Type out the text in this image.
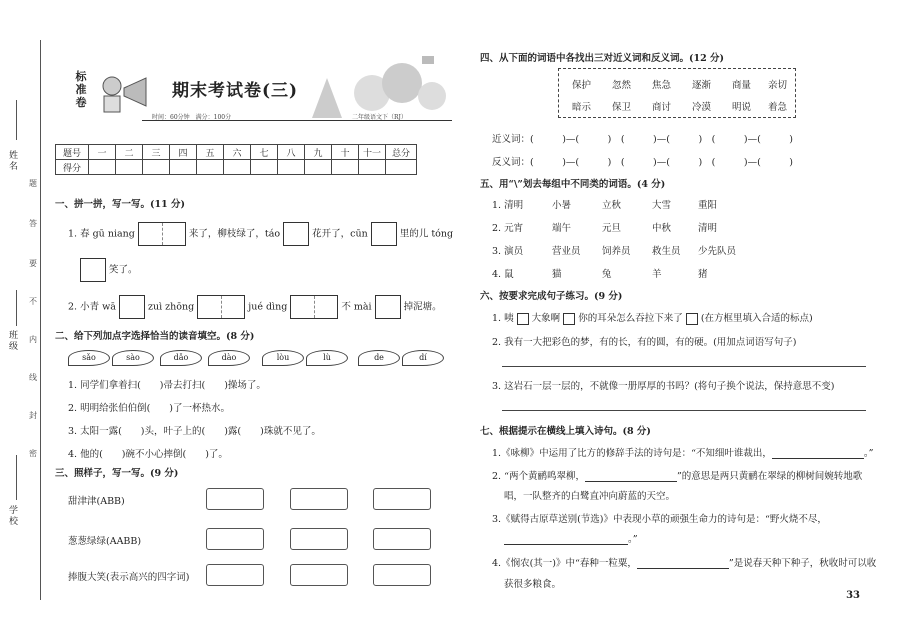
姓名
班级
学校
题
答
要
不
内
线
封
密
标准卷
期末考试卷(三)
时间：60分钟　满分：100分	二年级语文下（RJ）
题号	一	二	三	四	五	六	七	八	九	十	十一	总分
得分												
一、拼一拼，写一写。(11 分)
1. 春 gū niang	来了，柳枝绿了，táo	花开了，cūn	里的儿 tóng
笑了。
2. 小青 wā	zuì zhōng	jué dìng	不 mài	掉泥塘。
二、给下列加点字选择恰当的读音填空。(8 分)
sǎo	sào	dǎo	dào	lòu	lù	de	dí
1. 同学们拿着扫(　　)帚去打扫(　　)操场了。
2. 明明给张伯伯倒(　　)了一杯热水。
3. 太阳一露(　　)头，叶子上的(　　)露(　　)珠就不见了。
4. 他的(　　)碗不小心摔倒(　　)了。
三、照样子，写一写。(9 分)
甜津津(ABB)
葱葱绿绿(AABB)
捧腹大笑(表示高兴的四字词)
四、从下面的词语中各找出三对近义词和反义词。(12 分)
保护 忽然 焦急 逐渐 商量 亲切
暗示 保卫 商讨 冷漠 明说 着急
近义词：(　　　)—(　　　)　(　　　)—(　　　)　(　　　)—(　　　)
反义词：(　　　)—(　　　)　(　　　)—(　　　)　(　　　)—(　　　)
五、用“\”划去每组中不同类的词语。(4 分)
1. 清明	小暑	立秋	大雪	重阳
2. 元宵	端午	元旦	中秋	清明
3. 演员	营业员 饲养员 救生员 少先队员
4. 鼠	猫	兔	羊	猪
六、按要求完成句子练习。(9 分)
1. 咦 大象啊 你的耳朵怎么吞拉下来了 (在方框里填入合适的标点)
2. 我有一大把彩色的梦，有的长，有的圆，有的硬。(用加点词语写句子)
3. 这岩石一层一层的，不就像一册厚厚的书吗？(将句子换个说法，保持意思不变)
七、根据提示在横线上填入诗句。(8 分)
1.《咏柳》中运用了比方的修辞手法的诗句是：“不知细叶谁裁出，	。”
2. “两个黄鹂鸣翠柳，	”的意思是两只黄鹂在翠绿的柳树间婉转地歌
唱，一队整齐的白鹭直冲向蔚蓝的天空。
3.《赋得古原草送别(节选)》中表现小草的顽强生命力的诗句是：“野火烧不尽，
。”
4.《悯农(其一)》中“春种一粒粟，	”是说春天种下种子，秋收时可以收
获很多粮食。
33
